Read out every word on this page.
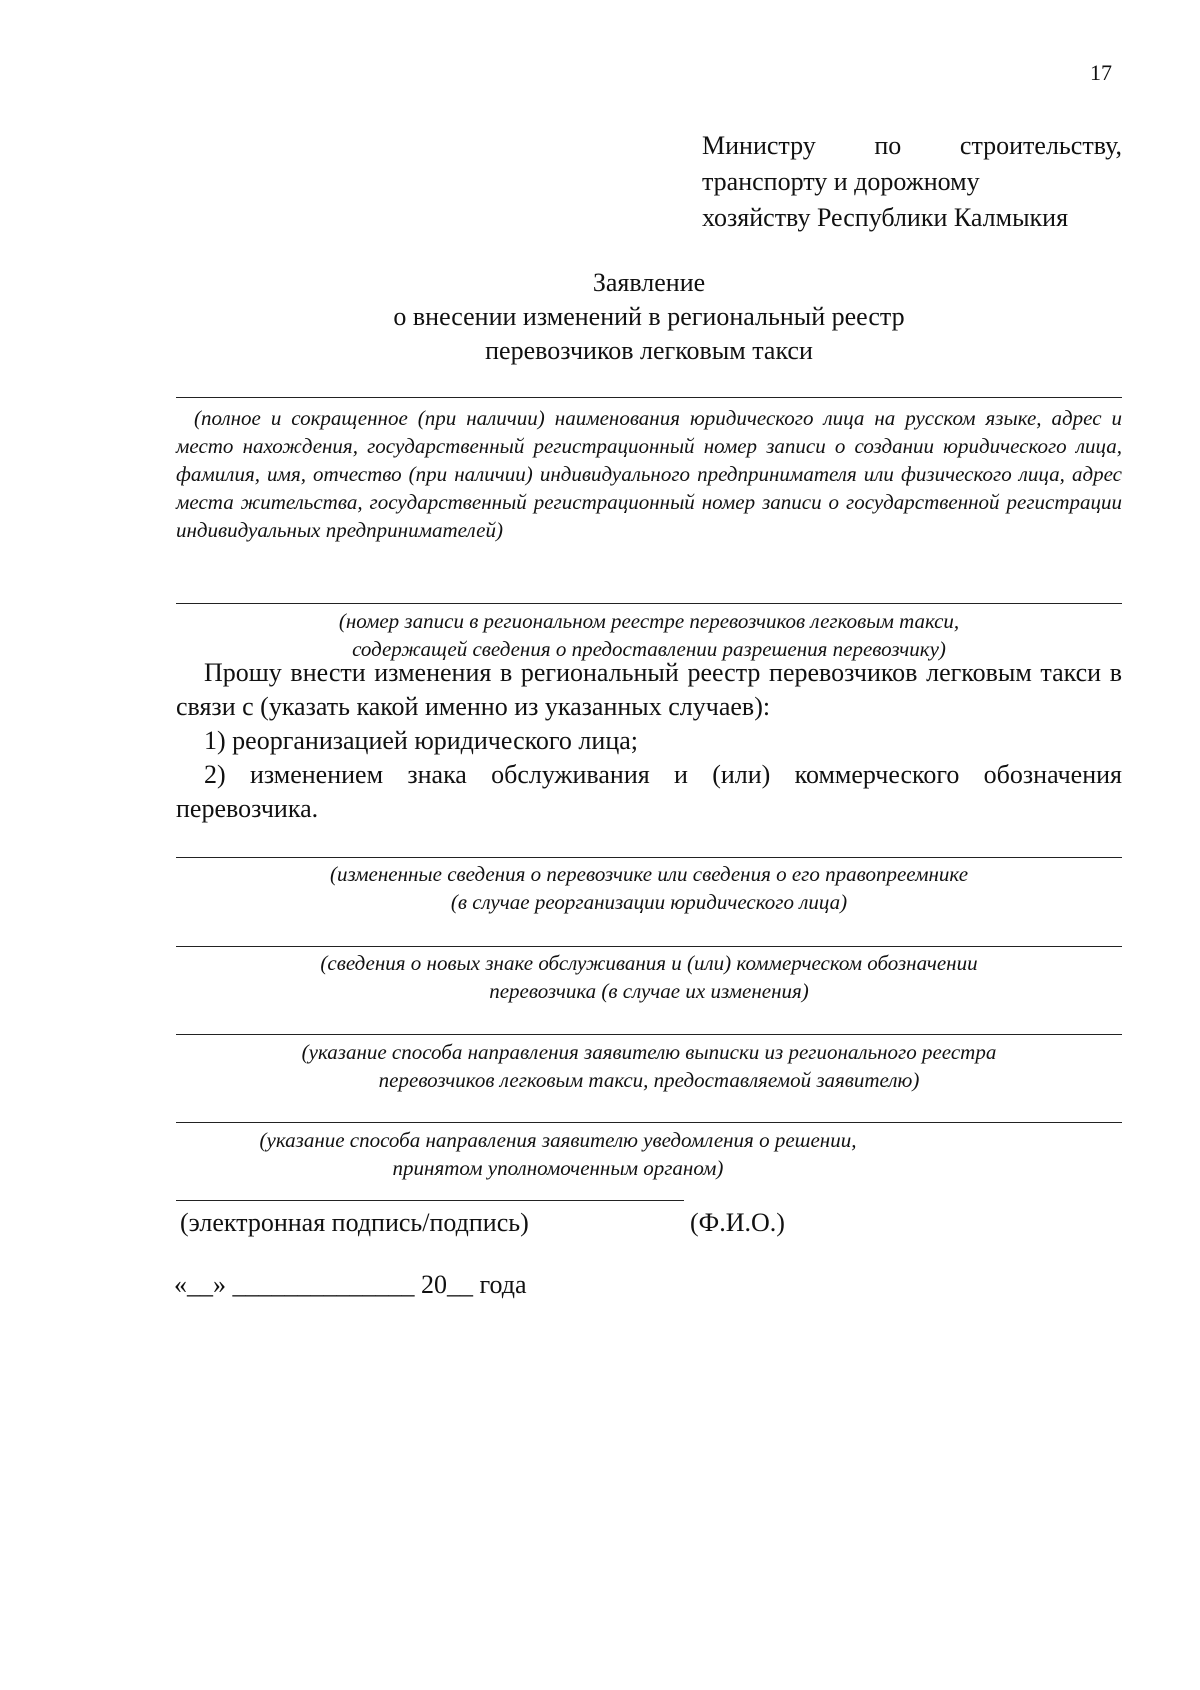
17
Министру по строительству,
транспорту и дорожному
хозяйству Республики Калмыкия
Заявление
о внесении изменений в региональный реестр
перевозчиков легковым такси
(полное и сокращенное (при наличии) наименования юридического лица на русском языке, адрес и место нахождения, государственный регистрационный номер записи о создании юридического лица, фамилия, имя, отчество (при наличии) индивидуального предпринимателя или физического лица, адрес места жительства, государственный регистрационный номер записи о государственной регистрации индивидуальных предпринимателей)
(номер записи в региональном реестре перевозчиков легковым такси,
содержащей сведения о предоставлении разрешения перевозчику)

Прошу внести изменения в региональный реестр перевозчиков легковым такси в связи с (указать какой именно из указанных случаев):

1) реорганизацией юридического лица;

2) изменением знака обслуживания и (или) коммерческого обозначения перевозчика.

(измененные сведения о перевозчике или сведения о его правопреемнике
(в случае реорганизации юридического лица)
(сведения о новых знаке обслуживания и (или) коммерческом обозначении
перевозчика (в случае их изменения)
(указание способа направления заявителю выписки из регионального реестра
перевозчиков легковым такси, предоставляемой заявителю)
(указание способа направления заявителю уведомления о решении,
принятом уполномоченным органом)
(электронная подпись/подпись)	(Ф.И.О.)
«__» ______________ 20__ года
